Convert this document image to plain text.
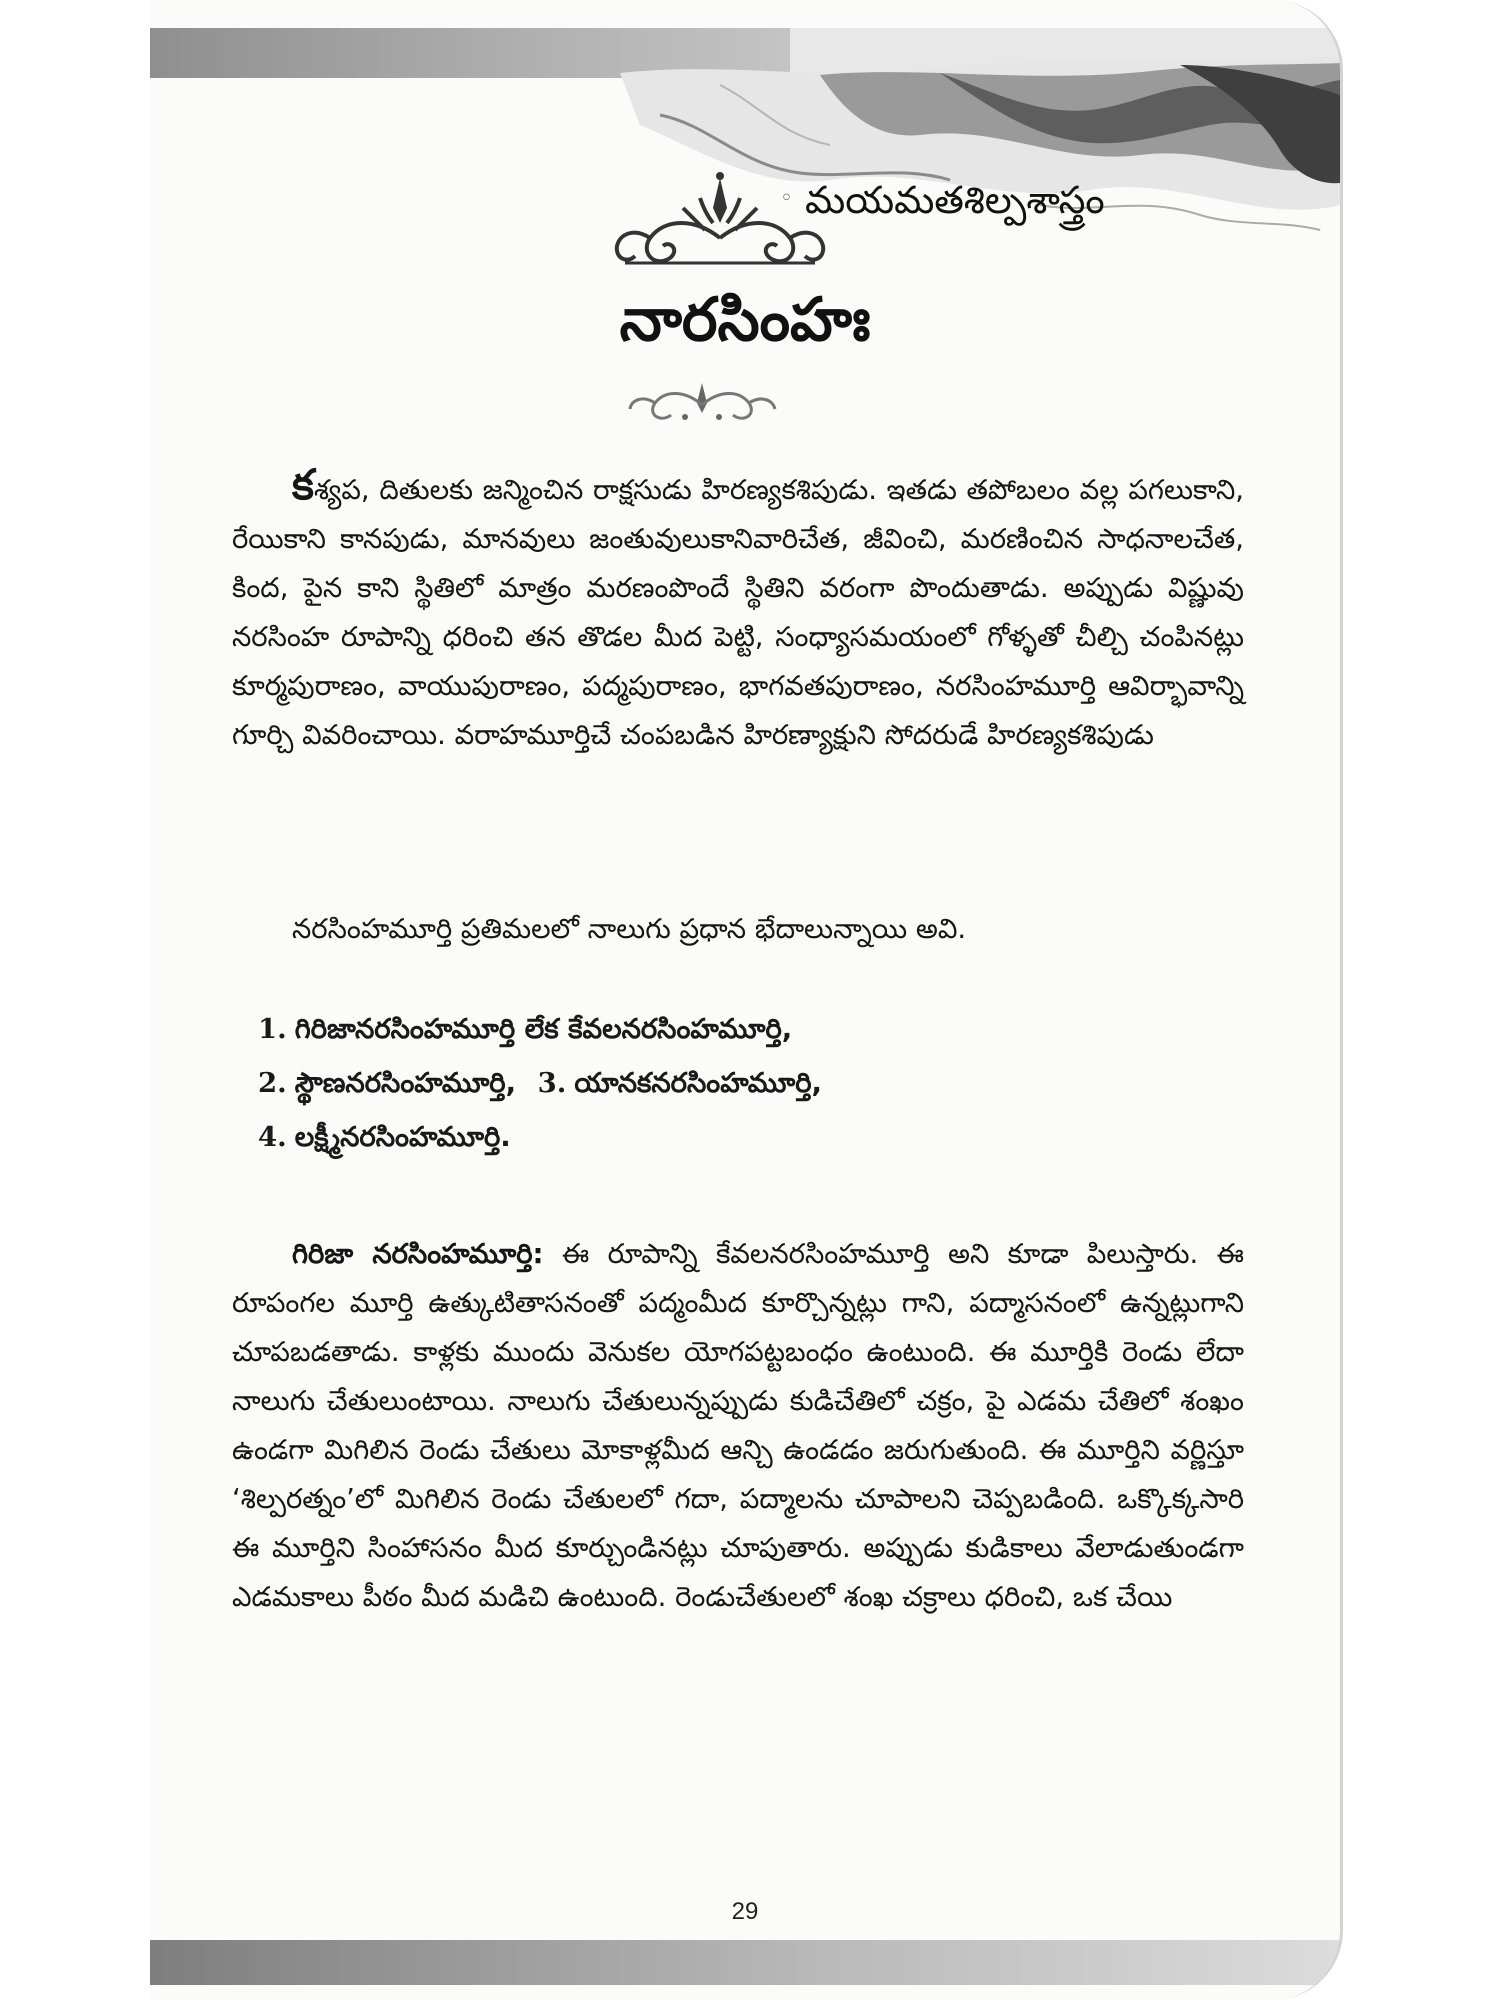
◦ మయమతశిల్పశాస్త్రం
నారసింహః

కశ్యప, దితులకు జన్మించిన రాక్షసుడు హిరణ్యకశిపుడు. ఇతడు తపోబలం వల్ల పగలుకాని, రేయికాని కానపుడు, మానవులు జంతువులుకానివారిచేత, జీవించి, మరణించిన సాధనాలచేత, కింద, పైన కాని స్థితిలో మాత్రం మరణంపొందే స్థితిని వరంగా పొందుతాడు. అప్పుడు విష్ణువు నరసింహ రూపాన్ని ధరించి తన తొడల మీద పెట్టి, సంధ్యాసమయంలో గోళ్ళతో చీల్చి చంపినట్లు కూర్మపురాణం, వాయుపురాణం, పద్మపురాణం, భాగవతపురాణం, నరసింహమూర్తి ఆవిర్భావాన్ని గూర్చి వివరించాయి. వరాహమూర్తిచే చంపబడిన హిరణ్యాక్షుని సోదరుడే హిరణ్యకశిపుడు

నరసింహమూర్తి ప్రతిమలలో నాలుగు ప్రధాన భేదాలున్నాయి అవి.

1. గిరిజానరసింహమూర్తి లేక కేవలనరసింహమూర్తి,

2. స్థౌణనరసింహమూర్తి, 3. యానకనరసింహమూర్తి,

4. లక్ష్మీనరసింహమూర్తి.

గిరిజా నరసింహమూర్తి: ఈ రూపాన్ని కేవలనరసింహమూర్తి అని కూడా పిలుస్తారు. ఈ రూపంగల మూర్తి ఉత్కుటితాసనంతో పద్మంమీద కూర్చొన్నట్లు గాని, పద్మాసనంలో ఉన్నట్లుగాని చూపబడతాడు. కాళ్లకు ముందు వెనుకల యోగపట్టబంధం ఉంటుంది. ఈ మూర్తికి రెండు లేదా నాలుగు చేతులుంటాయి. నాలుగు చేతులున్నప్పుడు కుడిచేతిలో చక్రం, పై ఎడమ చేతిలో శంఖం ఉండగా మిగిలిన రెండు చేతులు మోకాళ్లమీద ఆన్చి ఉండడం జరుగుతుంది. ఈ మూర్తిని వర్ణిస్తూ ‘శిల్పరత్నం’లో మిగిలిన రెండు చేతులలో గదా, పద్మాలను చూపాలని చెప్పబడింది. ఒక్కొక్కసారి ఈ మూర్తిని సింహాసనం మీద కూర్చుండినట్లు చూపుతారు. అప్పుడు కుడికాలు వేలాడుతుండగా ఎడమకాలు పీఠం మీద మడిచి ఉంటుంది. రెండుచేతులలో శంఖ చక్రాలు ధరించి, ఒక చేయి

29
